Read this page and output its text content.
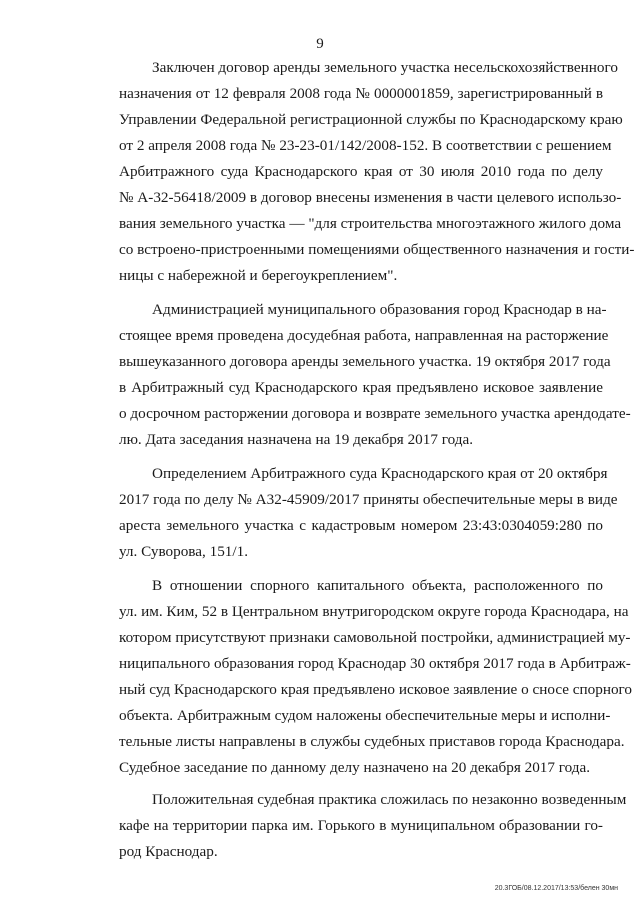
9
Заключен договор аренды земельного участка несельскохозяйственного
назначения от 12 февраля 2008 года № 0000001859, зарегистрированный в
Управлении Федеральной регистрационной службы по Краснодарскому краю
от 2 апреля 2008 года № 23-23-01/142/2008-152. В соответствии с решением
Арбитражного суда Краснодарского края от 30 июля 2010 года по делу
№ А-32-56418/2009 в договор внесены изменения в части целевого использо-
вания земельного участка — "для строительства многоэтажного жилого дома
со встроено-пристроенными помещениями общественного назначения и гости-
ницы с набережной и берегоукреплением".
Администрацией муниципального образования город Краснодар в на-
стоящее время проведена досудебная работа, направленная на расторжение
вышеуказанного договора аренды земельного участка. 19 октября 2017 года
в Арбитражный суд Краснодарского края предъявлено исковое заявление
о досрочном расторжении договора и возврате земельного участка арендодате-
лю. Дата заседания назначена на 19 декабря 2017 года.
Определением Арбитражного суда Краснодарского края от 20 октября
2017 года по делу № А32-45909/2017 приняты обеспечительные меры в виде
ареста земельного участка с кадастровым номером 23:43:0304059:280 по
ул. Суворова, 151/1.
В отношении спорного капитального объекта, расположенного по
ул. им. Ким, 52 в Центральном внутригородском округе города Краснодара, на
котором присутствуют признаки самовольной постройки, администрацией му-
ниципального образования город Краснодар 30 октября 2017 года в Арбитраж-
ный суд Краснодарского края предъявлено исковое заявление о сносе спорного
объекта. Арбитражным судом наложены обеспечительные меры и исполни-
тельные листы направлены в службы судебных приставов города Краснодара.
Судебное заседание по данному делу назначено на 20 декабря 2017 года.
Положительная судебная практика сложилась по незаконно возведенным
кафе на территории парка им. Горького в муниципальном образовании го-
род Краснодар.
20.3ГОБ/08.12.2017/13:53/белен 30мн
